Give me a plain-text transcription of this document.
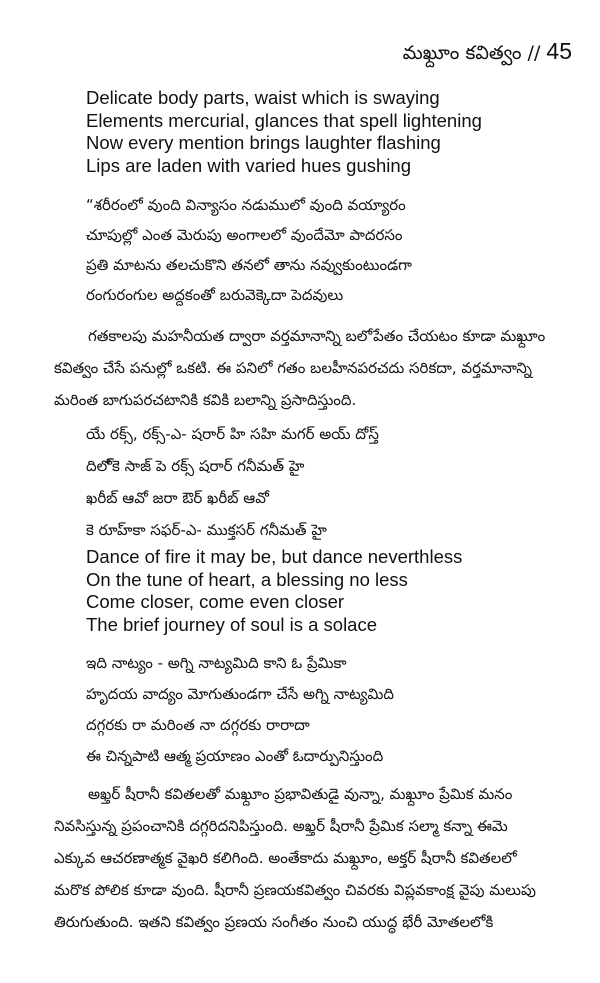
మఖ్దూం కవిత్వం // 45
Delicate body parts, waist which is swaying
Elements mercurial, glances that spell lightening
Now every mention brings laughter flashing
Lips are laden with varied hues gushing
“శరీరంలో వుంది విన్యాసం నడుములో వుంది వయ్యారం
చూపుల్లో ఎంత మెరుపు అంగాలలో వుందేమో పాదరసం
ప్రతి మాటను తలచుకొని తనలో తాను నవ్వుకుంటుండగా
రంగురంగుల అద్దకంతో బరువెక్కెదా పెదవులు
గతకాలపు మహనీయత ద్వారా వర్తమానాన్ని బలోపేతం చేయటం కూడా మఖ్దూం
కవిత్వం చేసే పనుల్లో ఒకటి. ఈ పనిలో గతం బలహీనపరచదు సరికదా, వర్తమానాన్ని
మరింత బాగుపరచటానికి కవికి బలాన్ని ప్రసాదిస్తుంది.
యే రక్స్, రక్స్-ఎ- షరార్ హి సహి మగర్ అయ్ దోస్త్
దిలో్‌కె సాజ్ పె రక్స్ షరార్ గనీమత్ హై
ఖరీబ్ ఆవో జరా ఔర్ ఖరీబ్ ఆవో
కె రూహ్‌కా సఫర్-ఎ- ముక్తసర్ గనీమత్ హై
Dance of fire it may be, but dance neverthless
On the tune of heart, a blessing no less
Come closer, come even closer
The brief journey of soul is a solace
ఇది నాట్యం - అగ్ని నాట్యమిది కాని ఓ ప్రేమికా
హృదయ వాద్యం మోగుతుండగా చేసే అగ్ని నాట్యమిది
దగ్గరకు రా మరింత నా దగ్గరకు రారాదా
ఈ చిన్నపాటి ఆత్మ ప్రయాణం ఎంతో ఓదార్పునిస్తుంది
అఖ్తర్ షీరానీ కవితలతో మఖ్దూం ప్రభావితుడై వున్నా, మఖ్దూం ప్రేమిక మనం
నివసిస్తున్న ప్రపంచానికి దగ్గరిదనిపిస్తుంది. అఖ్తర్ షీరానీ ప్రేమిక సల్మా కన్నా ఈమె
ఎక్కువ ఆచరణాత్మక వైఖరి కలిగింది. అంతేకాదు మఖ్దూం, అక్తర్ షీరానీ కవితలలో
మరొక పోలిక కూడా వుంది. షీరానీ ప్రణయకవిత్వం చివరకు విప్లవకాంక్ష వైపు మలుపు
తిరుగుతుంది. ఇతని కవిత్వం ప్రణయ సంగీతం నుంచి యుద్ధ భేరీ మోతలలోకి
